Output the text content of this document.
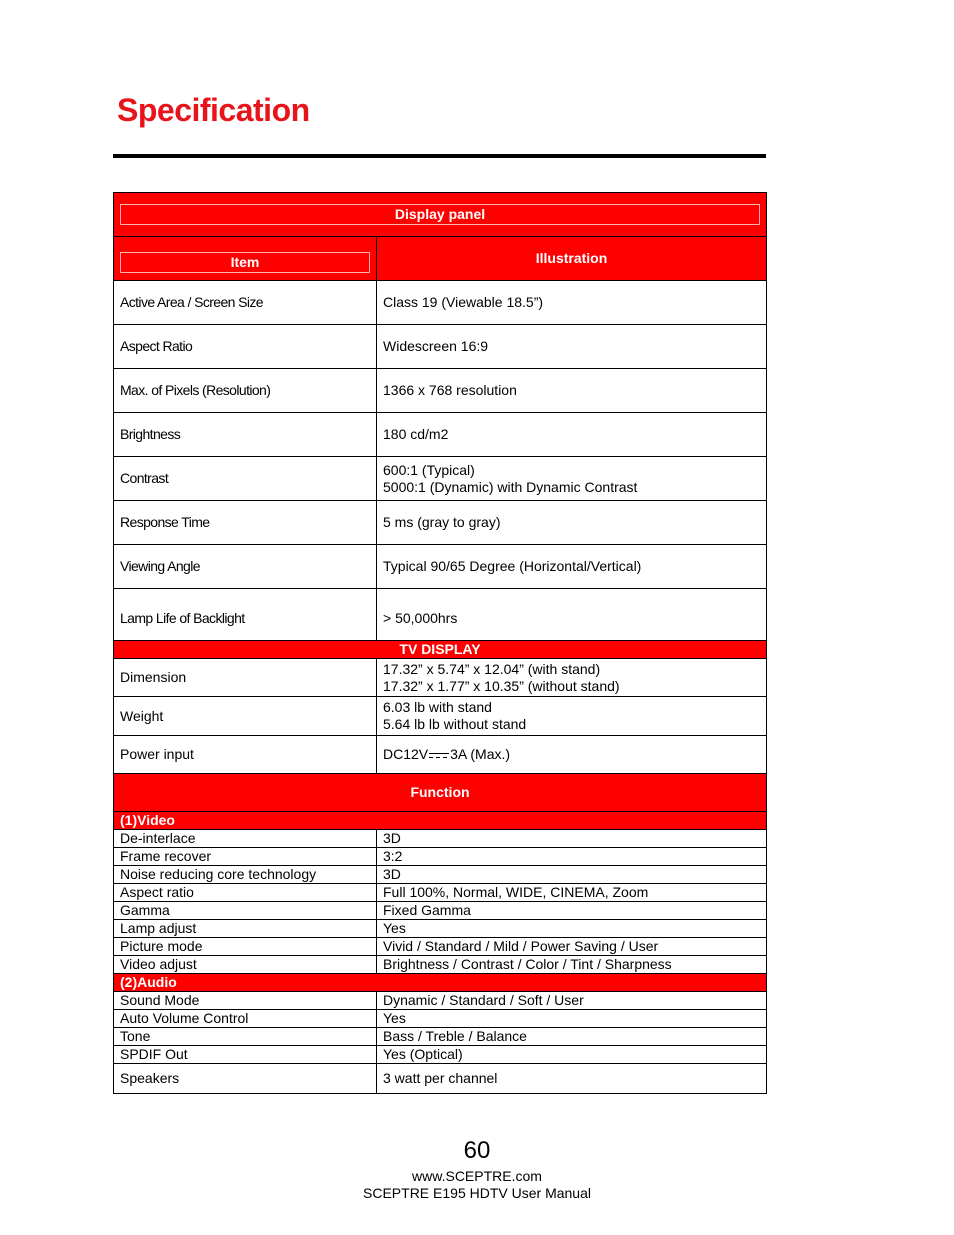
Specification
Display panel	

Item	Illustration
Active Area / Screen Size	Class 19 (Viewable 18.5”)
Aspect Ratio	Widescreen 16:9
Max. of Pixels (Resolution)	1366 x 768 resolution
Brightness	180 cd/m2
Contrast	600:1 (Typical)
5000:1 (Dynamic) with Dynamic Contrast

Response Time	5 ms (gray to gray)
Viewing Angle	Typical 90/65 Degree (Horizontal/Vertical)
Lamp Life of Backlight	> 50,000hrs
TV DISPLAY	
Dimension	17.32” x 5.74” x 12.04” (with stand)
17.32” x 1.77” x 10.35” (without stand)

Weight	6.03 lb with stand
5.64 lb lb without stand

Power input	DC12V 3A (Max.)
Function	
(1)Video	
De-interlace	3D
Frame recover	3:2
Noise reducing core technology	3D
Aspect ratio	Full 100%, Normal, WIDE, CINEMA, Zoom
Gamma	Fixed Gamma
Lamp adjust	Yes
Picture mode	Vivid / Standard / Mild / Power Saving / User
Video adjust	Brightness / Contrast / Color / Tint / Sharpness
(2)Audio	
Sound Mode	Dynamic / Standard / Soft / User
Auto Volume Control	Yes
Tone	Bass / Treble / Balance
SPDIF Out	Yes (Optical)
Speakers	3 watt per channel
60
www.SCEPTRE.com
SCEPTRE E195 HDTV User Manual
